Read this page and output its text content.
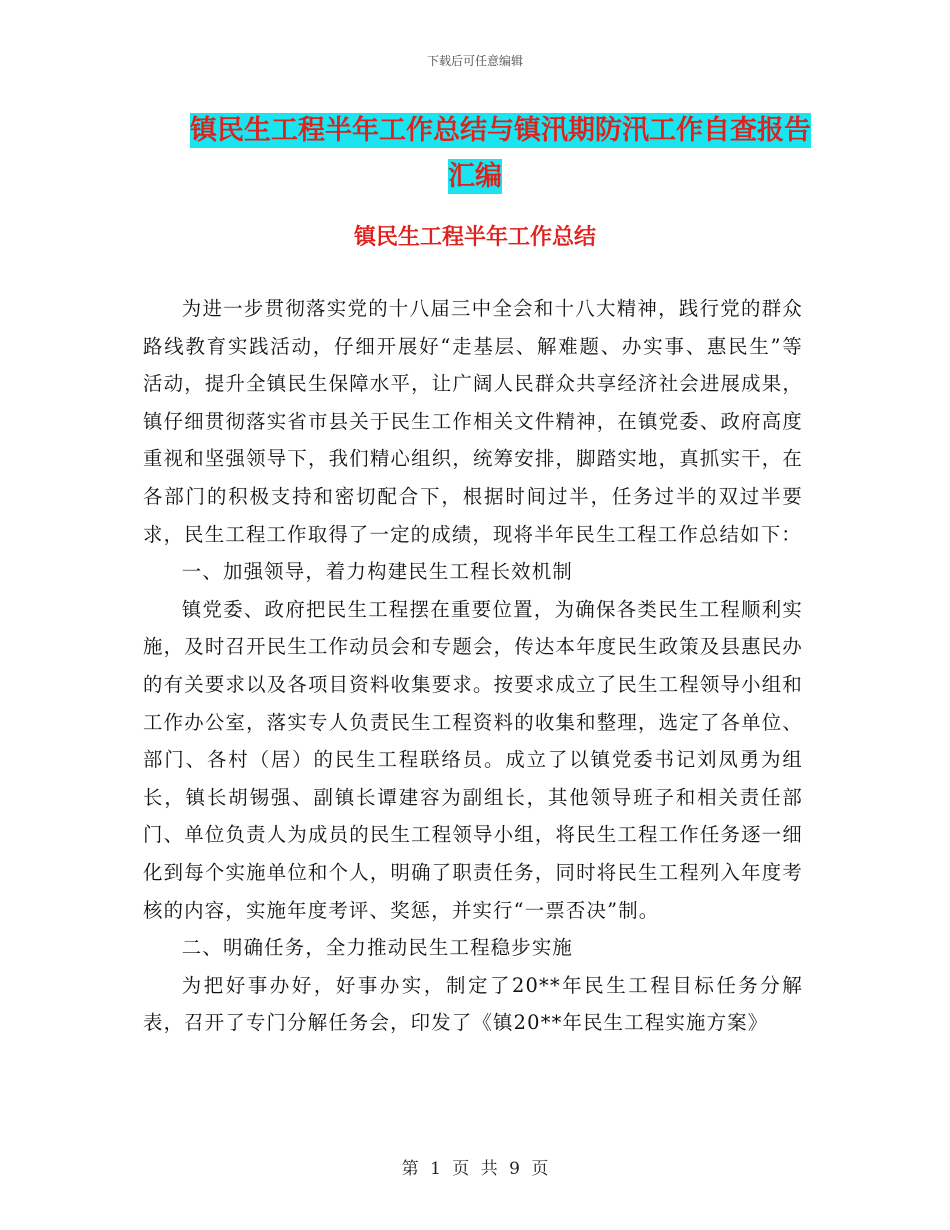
下载后可任意编辑
镇民生工程半年工作总结与镇汛期防汛工作自查报告
汇编
镇民生工程半年工作总结

为进一步贯彻落实党的十八届三中全会和十八大精神，践行党的群众路线教育实践活动，仔细开展好“走基层、解难题、办实事、惠民生”等活动，提升全镇民生保障水平，让广阔人民群众共享经济社会进展成果，镇仔细贯彻落实省市县关于民生工作相关文件精神，在镇党委、政府高度重视和坚强领导下，我们精心组织，统筹安排，脚踏实地，真抓实干，在各部门的积极支持和密切配合下，根据时间过半，任务过半的双过半要求，民生工程工作取得了一定的成绩，现将半年民生工程工作总结如下：

一、加强领导，着力构建民生工程长效机制

镇党委、政府把民生工程摆在重要位置，为确保各类民生工程顺利实施，及时召开民生工作动员会和专题会，传达本年度民生政策及县惠民办的有关要求以及各项目资料收集要求。按要求成立了民生工程领导小组和工作办公室，落实专人负责民生工程资料的收集和整理，选定了各单位、部门、各村（居）的民生工程联络员。成立了以镇党委书记刘凤勇为组长，镇长胡锡强、副镇长谭建容为副组长，其他领导班子和相关责任部门、单位负责人为成员的民生工程领导小组，将民生工程工作任务逐一细化到每个实施单位和个人，明确了职责任务，同时将民生工程列入年度考核的内容，实施年度考评、奖惩，并实行“一票否决”制。

二、明确任务，全力推动民生工程稳步实施

为把好事办好，好事办实，制定了20**年民生工程目标任务分解表，召开了专门分解任务会，印发了《镇20**年民生工程实施方案》

第 1 页 共 9 页
